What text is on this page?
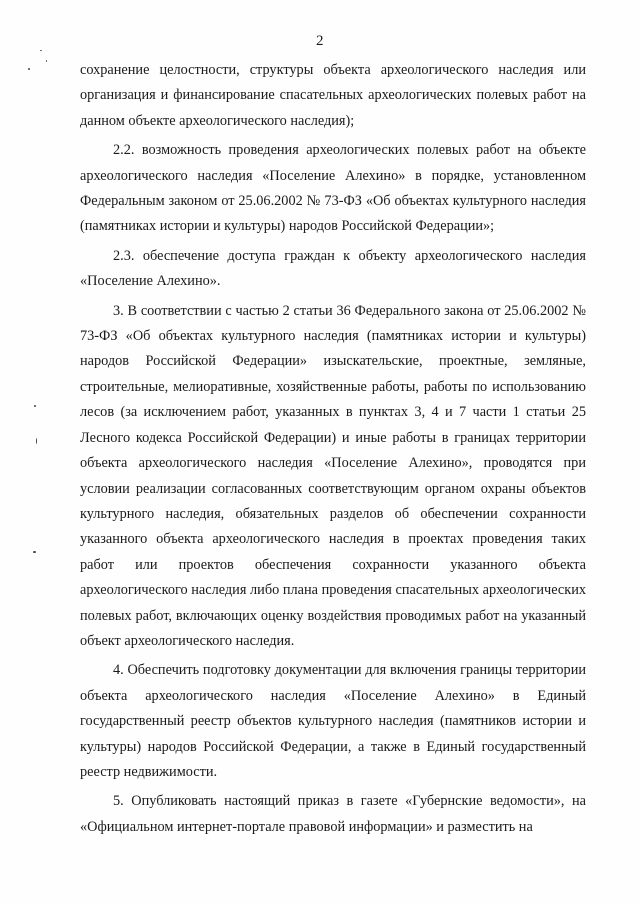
2

сохранение целостности, структуры объекта археологического наследия или организация и финансирование спасательных археологических полевых работ на данном объекте археологического наследия);

2.2. возможность проведения археологических полевых работ на объекте археологического наследия «Поселение Алехино» в порядке, установленном Федеральным законом от 25.06.2002 № 73-ФЗ «Об объектах культурного наследия (памятниках истории и культуры) народов Российской Федерации»;

2.3. обеспечение доступа граждан к объекту археологического наследия «Поселение Алехино».

3. В соответствии с частью 2 статьи 36 Федерального закона от 25.06.2002 № 73-ФЗ «Об объектах культурного наследия (памятниках истории и культуры) народов Российской Федерации» изыскательские, проектные, земляные, строительные, мелиоративные, хозяйственные работы, работы по использованию лесов (за исключением работ, указанных в пунктах 3, 4 и 7 части 1 статьи 25 Лесного кодекса Российской Федерации) и иные работы в границах территории объекта археологического наследия «Поселение Алехино», проводятся при условии реализации согласованных соответствующим органом охраны объектов культурного наследия, обязательных разделов об обеспечении сохранности указанного объекта археологического наследия в проектах проведения таких работ или проектов обеспечения сохранности указанного объекта археологического наследия либо плана проведения спасательных археологических полевых работ, включающих оценку воздействия проводимых работ на указанный объект археологического наследия.

4. Обеспечить подготовку документации для включения границы территории объекта археологического наследия «Поселение Алехино» в Единый государственный реестр объектов культурного наследия (памятников истории и культуры) народов Российской Федерации, а также в Единый государственный реестр недвижимости.

5. Опубликовать настоящий приказ в газете «Губернские ведомости», на «Официальном интернет-портале правовой информации» и разместить на
